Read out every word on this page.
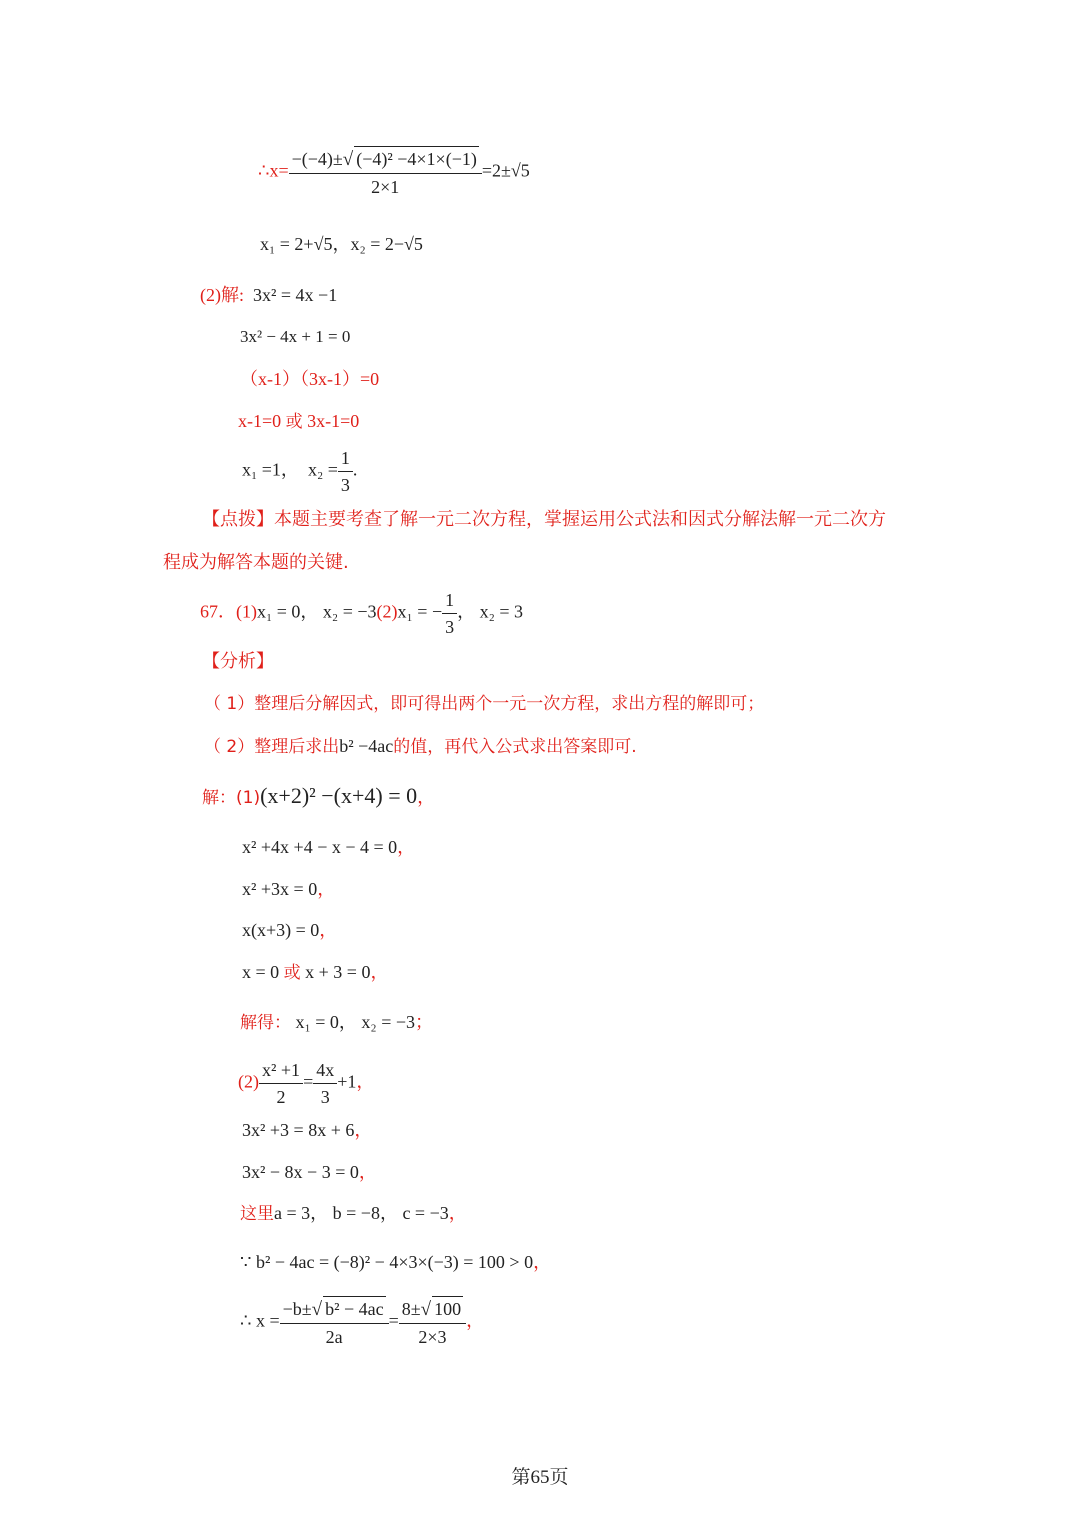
∴x= $\frac{\text{−(−4)±√ (−4)² −4×1×(−1)}}{2\times 1} =2\pm√5$
x₁ = 2+√5，x₂ = 2−√5
(2)解: 3x² = 4x −1
3x² − 4x + 1 = 0
（x-1）（3x-1）=0
x-1=0 或 3x-1=0
x₁ =1， $x_2 = \frac{1}{3}$ .
【点拨】本题主要考查了解一元二次方程，掌握运用公式法和因式分解法解一元二次方
程成为解答本题的关键.
67．(1)x₁ = 0， x₂ = −3(2)x₁ = − $\frac{1}{3}$ ， x₂ = 3
【分析】
（ 1）整理后分解因式，即可得出两个一元一次方程，求出方程的解即可；
（ 2）整理后求出b² −4ac的值，再代入公式求出答案即可.
解：(1)(x+2)² −(x+4) = 0，
x² +4x +4 − x − 4 = 0，
x² +3x = 0，
x(x+3) = 0，
x = 0 或 x + 3 = 0，
解得： x₁ = 0， x₂ = −3；
$(2) \frac{\text{x² +1}}{2} = \frac{4x}{3} +1$，
3x² +3 = 8x + 6，
3x² − 8x − 3 = 0，
这里a = 3， b = −8， c = −3，
∵ b² − 4ac = (−8)² − 4×3×(−3) = 100 > 0，
∴ $x = \frac{\text{−b±√ b² − 4ac}}{2a} = \frac{8\pm√ 100}{2\times 3}$ ，
第65页
